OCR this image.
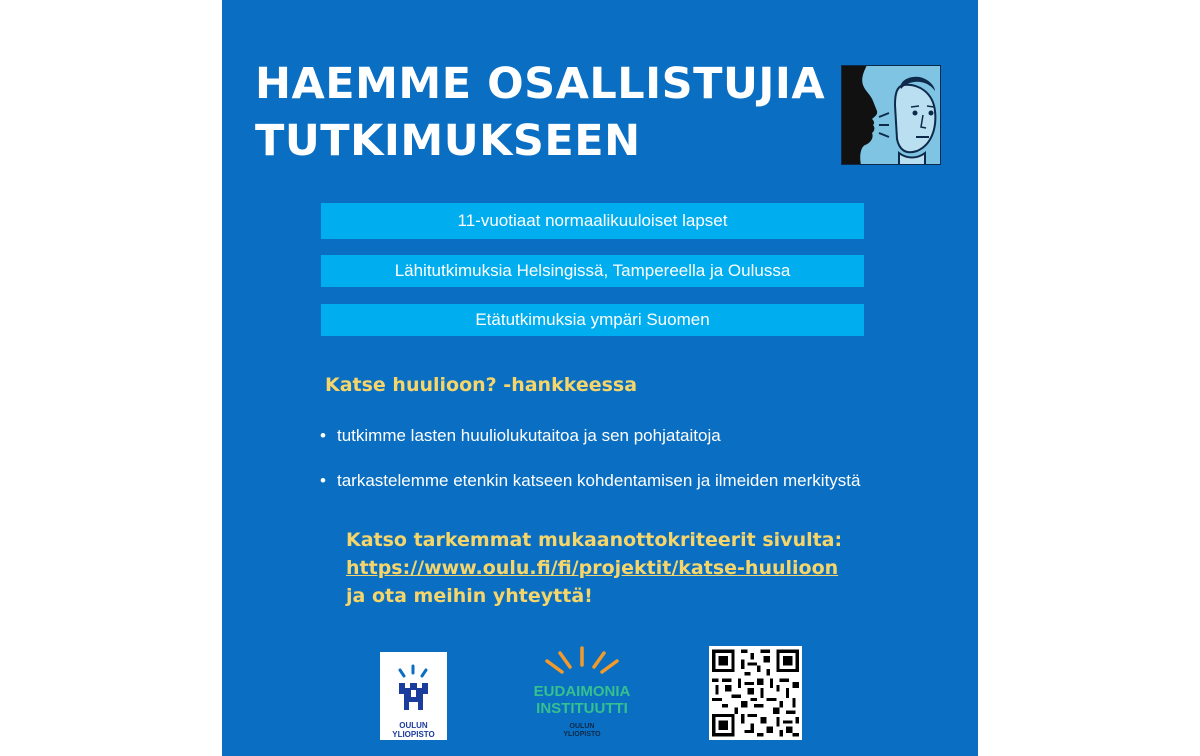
HAEMME OSALLISTUJIA
TUTKIMUKSEEN
11-vuotiaat normaalikuuloiset lapset
Lähitutkimuksia Helsingissä, Tampereella ja Oulussa
Etätutkimuksia ympäri Suomen
Katse huulioon? -hankkeessa
• tutkimme lasten huuliolukutaitoa ja sen pohjataitoja
• tarkastelemme etenkin katseen kohdentamisen ja ilmeiden merkitystä
Katso tarkemmat mukaanottokriteerit sivulta:
https://www.oulu.fi/fi/projektit/katse-huulioon
ja ota meihin yhteyttä!
OULUN
YLIOPISTO
EUDAIMONIA
INSTITUUTTI
OULUN
YLIOPISTO
